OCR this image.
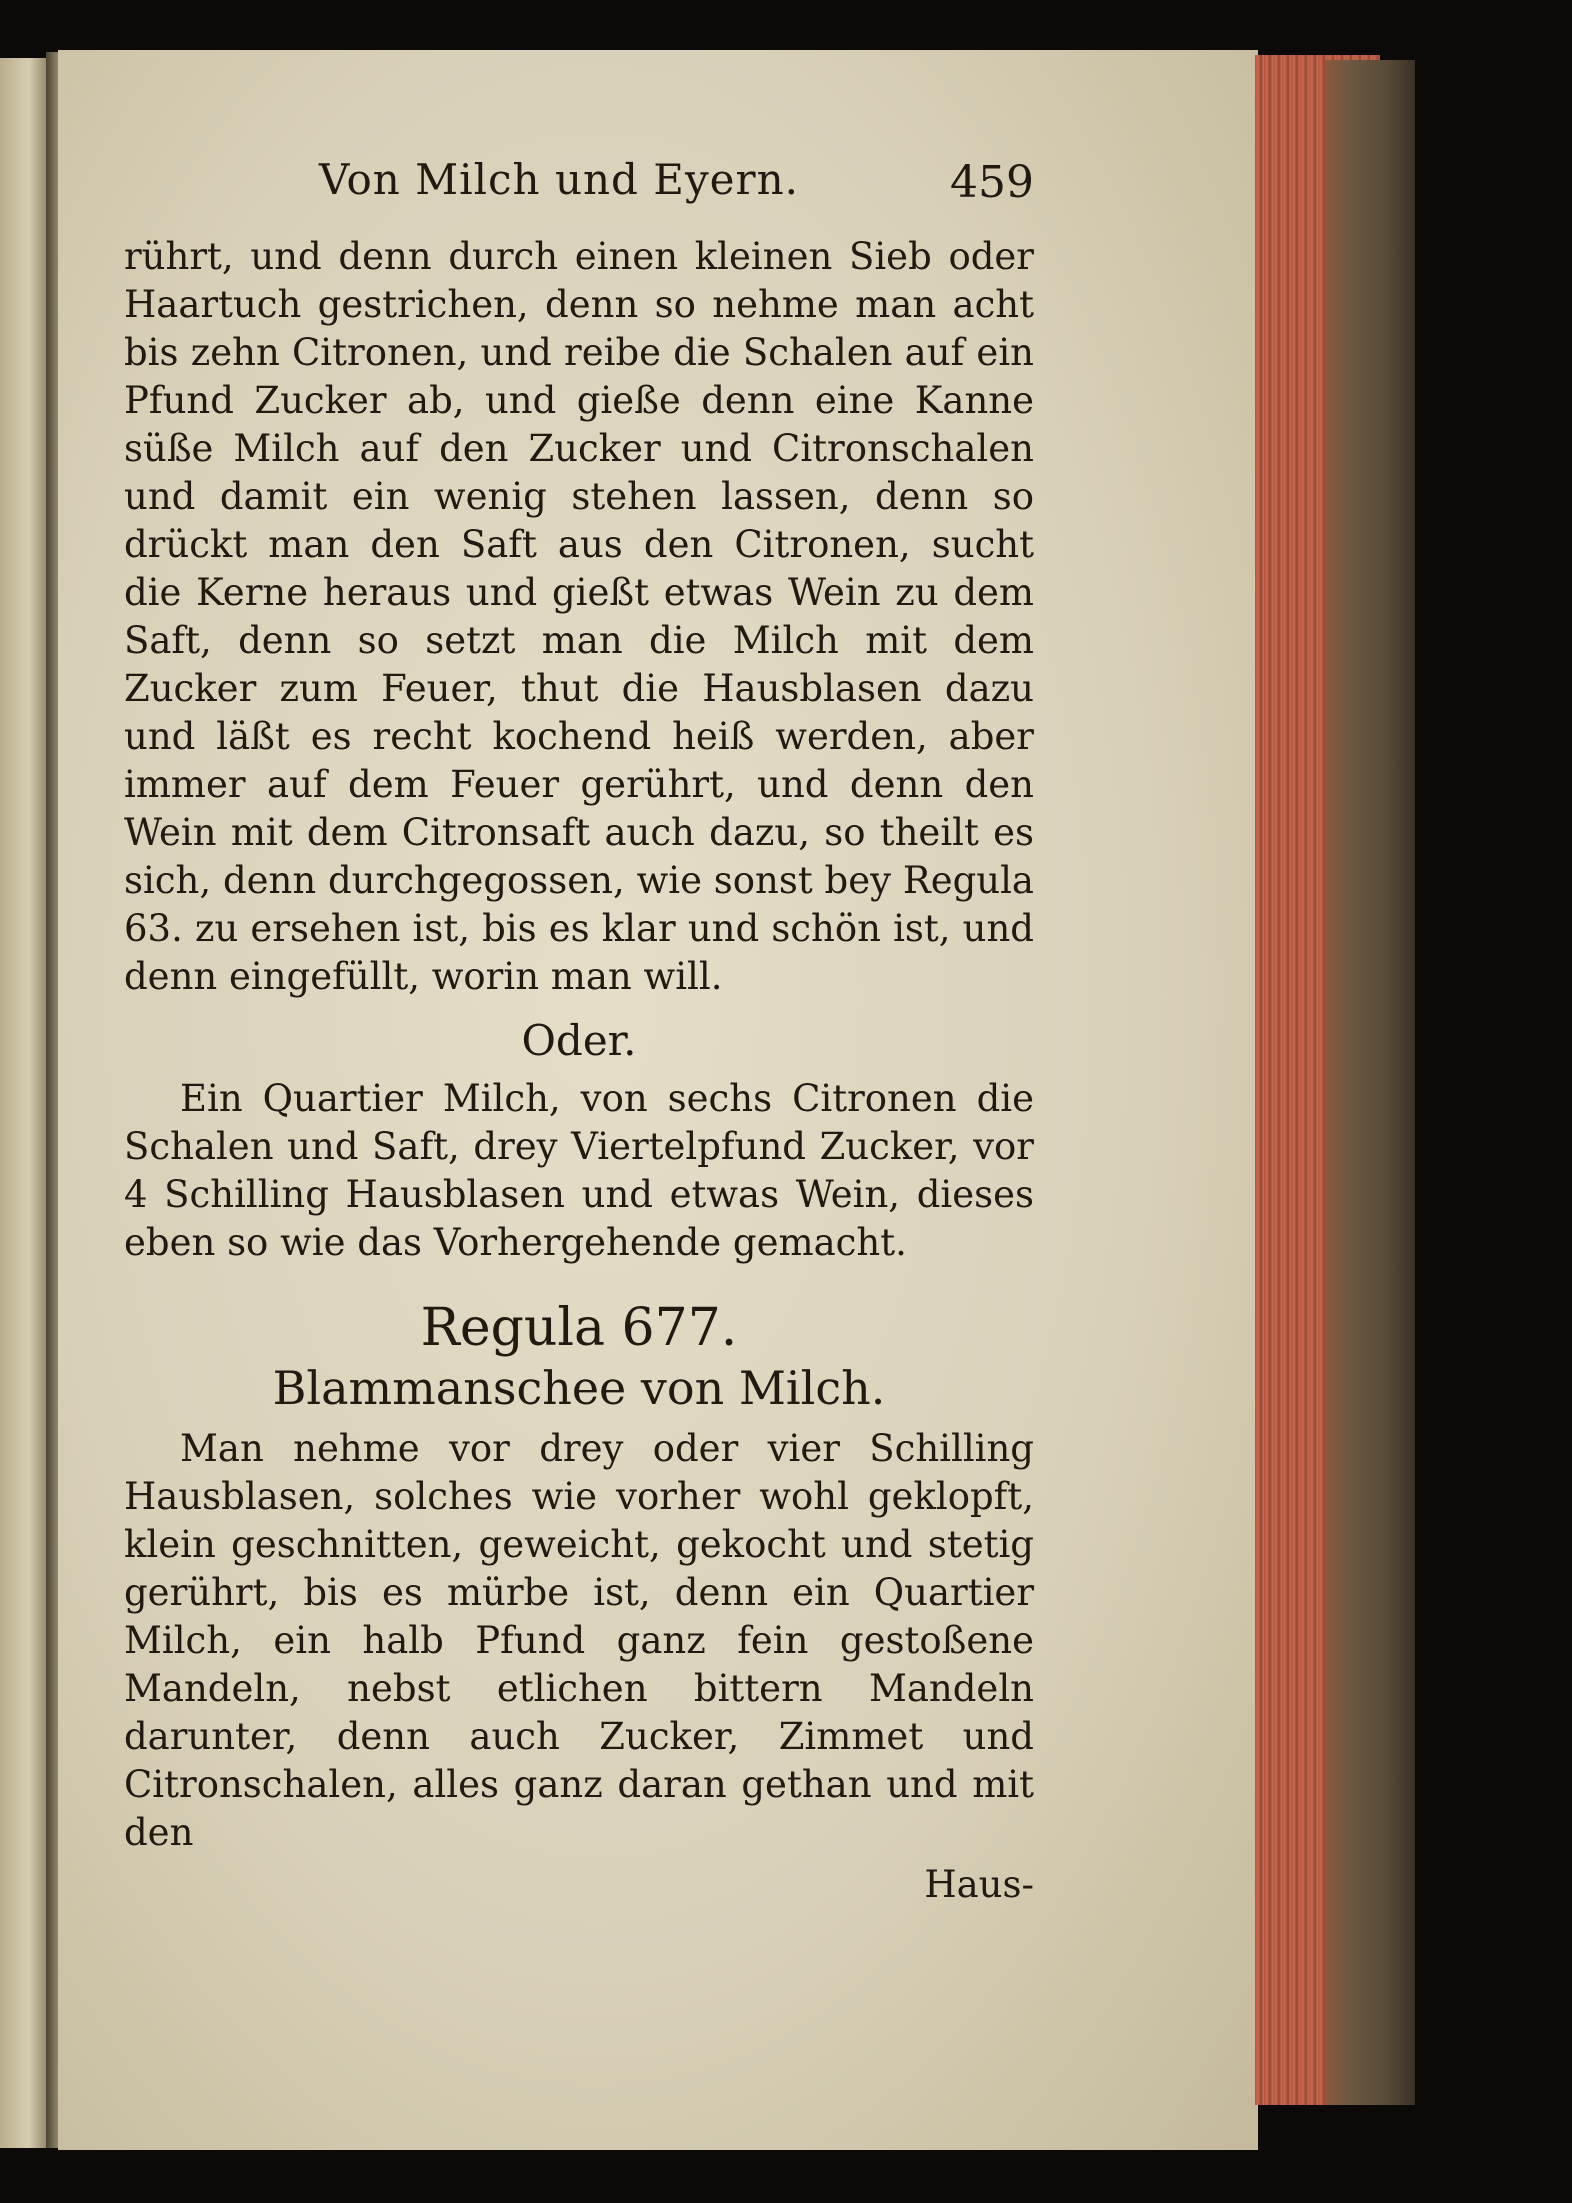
Von Milch und Eyern.	459

rührt, und denn durch einen kleinen Sieb oder Haartuch gestrichen, denn so nehme man acht bis zehn Citronen, und reibe die Schalen auf ein Pfund Zucker ab, und gieße denn eine Kanne süße Milch auf den Zucker und Citronschalen und damit ein wenig stehen lassen, denn so drückt man den Saft aus den Citronen, sucht die Kerne heraus und gießt etwas Wein zu dem Saft, denn so setzt man die Milch mit dem Zucker zum Feuer, thut die Hausblasen dazu und läßt es recht kochend heiß werden, aber immer auf dem Feuer gerührt, und denn den Wein mit dem Citronsaft auch dazu, so theilt es sich, denn durchgegossen, wie sonst bey Regula 63. zu ersehen ist, bis es klar und schön ist, und denn eingefüllt, worin man will.

Oder.

Ein Quartier Milch, von sechs Citronen die Schalen und Saft, drey Viertelpfund Zucker, vor 4 Schilling Hausblasen und etwas Wein, dieses eben so wie das Vorhergehende gemacht.

Regula 677.
Blammanschee von Milch.

Man nehme vor drey oder vier Schilling Hausblasen, solches wie vorher wohl geklopft, klein geschnitten, geweicht, gekocht und stetig gerührt, bis es mürbe ist, denn ein Quartier Milch, ein halb Pfund ganz fein gestoßene Mandeln, nebst etlichen bittern Mandeln darunter, denn auch Zucker, Zimmet und Citronschalen, alles ganz daran gethan und mit den

Haus-
